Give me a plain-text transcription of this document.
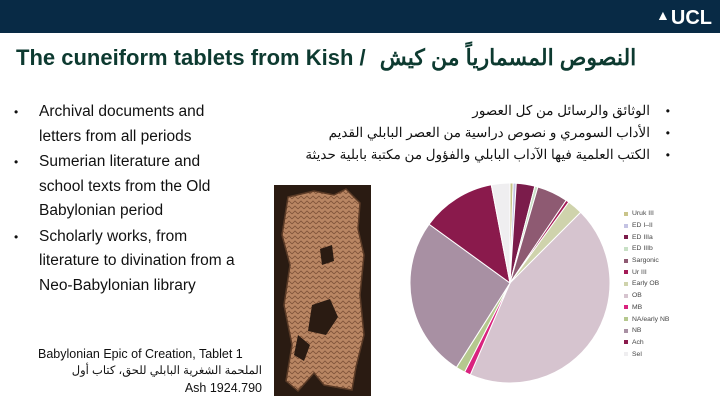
▲UCL
The cuneiform tablets from Kish / النصوص المسمارياً من كيش
• Archival documents and letters from all periods
• Sumerian literature and school texts from the Old Babylonian period
• Scholarly works, from literature to divination from a Neo-Babylonian library
•
الوثائق والرسائل من كل العصور
•
الأداب السومري و نصوص دراسية من العصر البابلي القديم
•
الكتب العلمية فيها الآداب البابلي والفؤول من مكتبة بابلية حديثة
Babylonian Epic of Creation, Tablet 1
الملحمة الشغرية البابلي للحق، كتاب أول
Ash 1924.790
Uruk III
ED I–II
ED IIIa
ED IIIb
Sargonic
Ur III
Early OB
OB
MB
NA/early NB
NB
Ach
Sel
